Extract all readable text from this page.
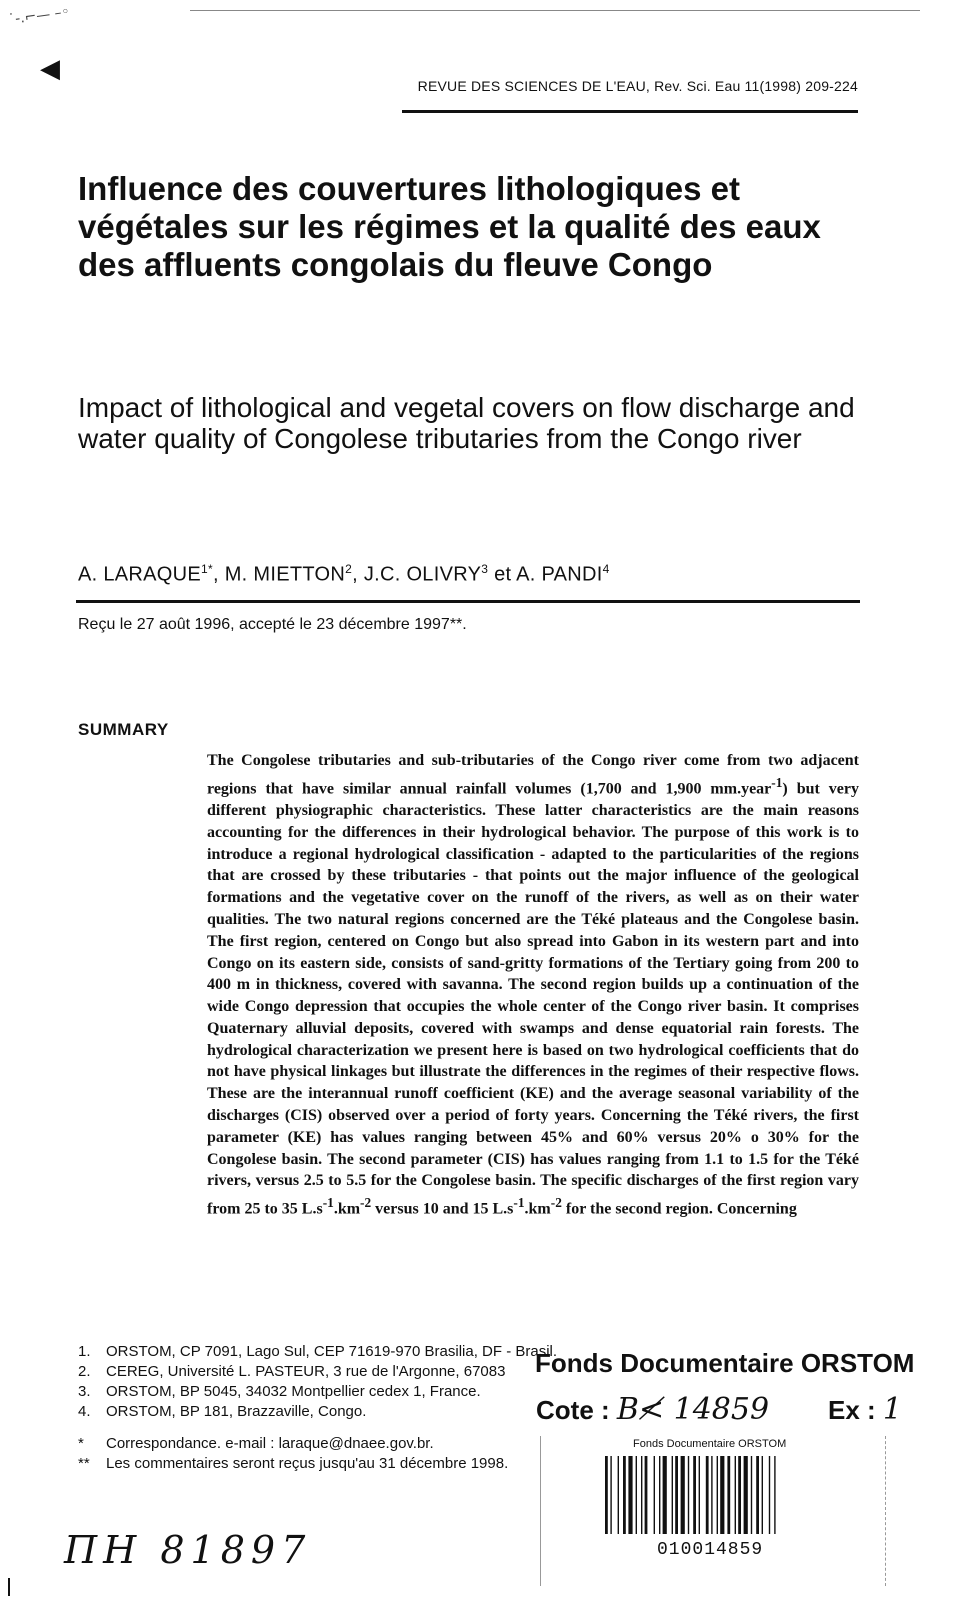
˙‐.⌐— –◦
◀
REVUE DES SCIENCES DE L'EAU, Rev. Sci. Eau 11(1998) 209-224
Influence des couvertures lithologiques et végétales sur les régimes et la qualité des eaux des affluents congolais du fleuve Congo
Impact of lithological and vegetal covers on flow discharge and water quality of Congolese tributaries from the Congo river
A. $LARAQUE^{1*}$, M. MIETTON$^2$, J.C. OLIVRY$^3$ et A. PANDI$^4$
Reçu le 27 août 1996, accepté le 23 décembre 1997**.
SUMMARY

The Congolese tributaries and sub-tributaries of the Congo river come from two adjacent regions that have similar annual rainfall volumes (1,700 and 1,900 mm.year$^{-1}$) but very different physiographic characteristics. These latter characteristics are the main reasons accounting for the differences in their hydrological behavior. The purpose of this work is to introduce a regional hydrological classification - adapted to the particularities of the regions that are crossed by these tributaries - that points out the major influence of the geological formations and the vegetative cover on the runoff of the rivers, as well as on their water qualities. The two natural regions concerned are the Téké plateaus and the Congolese basin. The first region, centered on Congo but also spread into Gabon in its western part and into Congo on its eastern side, consists of sand-gritty formations of the Tertiary going from 200 to 400 m in thickness, covered with savanna. The second region builds up a continuation of the wide Congo depression that occupies the whole center of the Congo river basin. It comprises Quaternary alluvial deposits, covered with swamps and dense equatorial rain forests. The hydrological characterization we present here is based on two hydrological coefficients that do not have physical linkages but illustrate the differences in the regimes of their respective flows. These are the interannual runoff coefficient (KE) and the average seasonal variability of the discharges (CIS) observed over a period of forty years. Concerning the Téké rivers, the first parameter (KE) has values ranging between 45% and 60% versus 20% o 30% for the Congolese basin. The second parameter (CIS) has values ranging from 1.1 to 1.5 for the Téké rivers, versus 2.5 to 5.5 for the Congolese basin. The specific discharges of the first region vary from 25 to 35 $L.s^{-1}.km^{-2}$ versus 10 and 15 $L.s^{-1}.km^{-2}$ for the second region. Concerning

1.	ORSTOM, CP 7091, Lago Sul, CEP 71619-970 Brasilia, DF - Brasil.
2.	CEREG, Université L. PASTEUR, 3 rue de l'Argonne, 67083
3.	ORSTOM, BP 5045, 34032 Montpellier cedex 1, France.
4.	ORSTOM, BP 181, Brazzaville, Congo.
*	Correspondance. e-mail : laraque@dnaee.gov.br.
**	Les commentaires seront reçus jusqu'au 31 décembre 1998.
Fonds Documentaire ORSTOM
Cote : B≮ 14859 Ex : 1
Fonds Documentaire ORSTOM
010014859
ΠΗ 81897
